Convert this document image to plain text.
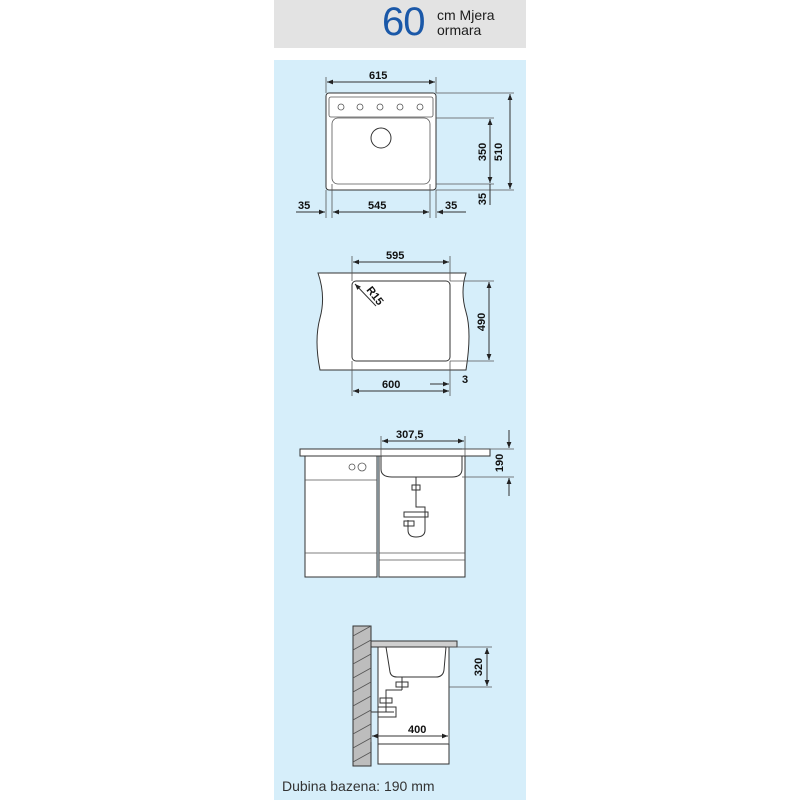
60 cm Mjera
ormara
615
510
350
35
35	545	35
595
R15
490
600	3
307,5
190
320
400
Dubina bazena: 190 mm
